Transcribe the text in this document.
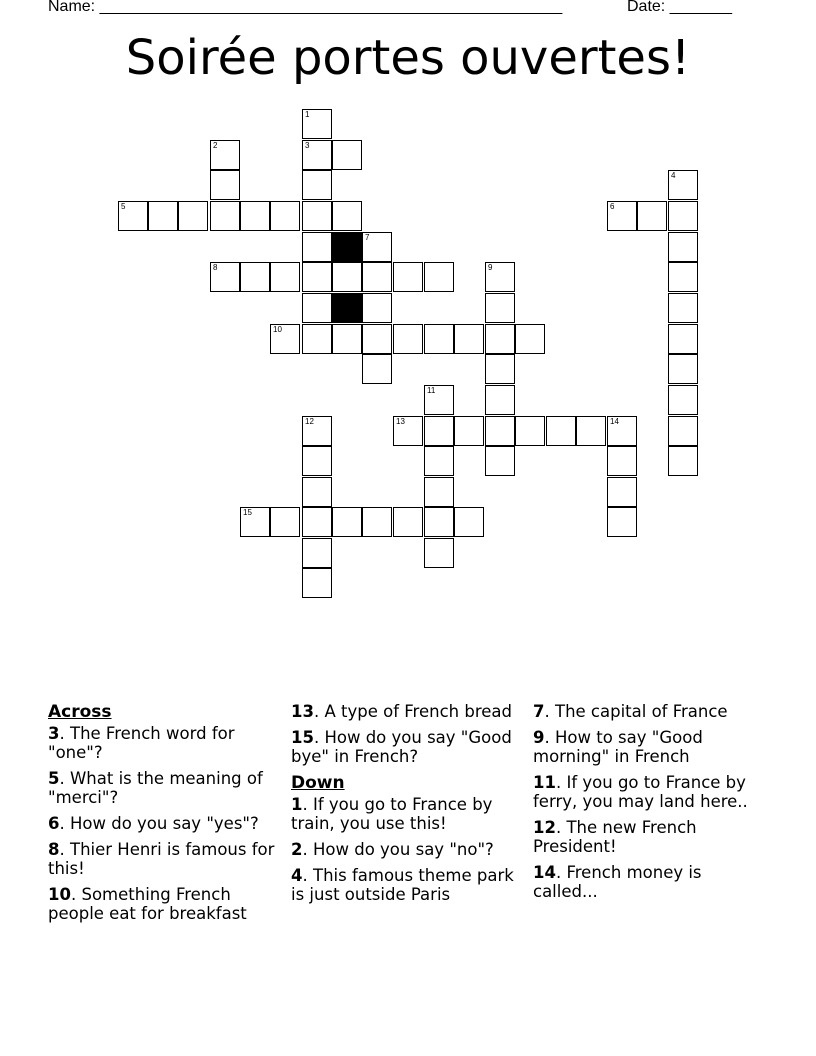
Name: ____________________________________________________	Date: _______
Soirée portes ouvertes!
1
2	3
4
5	6
7
8	9
10
11
12	13	14
15
Across
3. The French word for "one"?
5. What is the meaning of "merci"?
6. How do you say "yes"?
8. Thier Henri is famous for this!
10. Something French people eat for breakfast
13. A type of French bread
15. How do you say "Good bye" in French?
Down
1. If you go to France by train, you use this!
2. How do you say "no"?
4. This famous theme park is just outside Paris
7. The capital of France
9. How to say "Good morning" in French
11. If you go to France by ferry, you may land here..
12. The new French President!
14. French money is called...
